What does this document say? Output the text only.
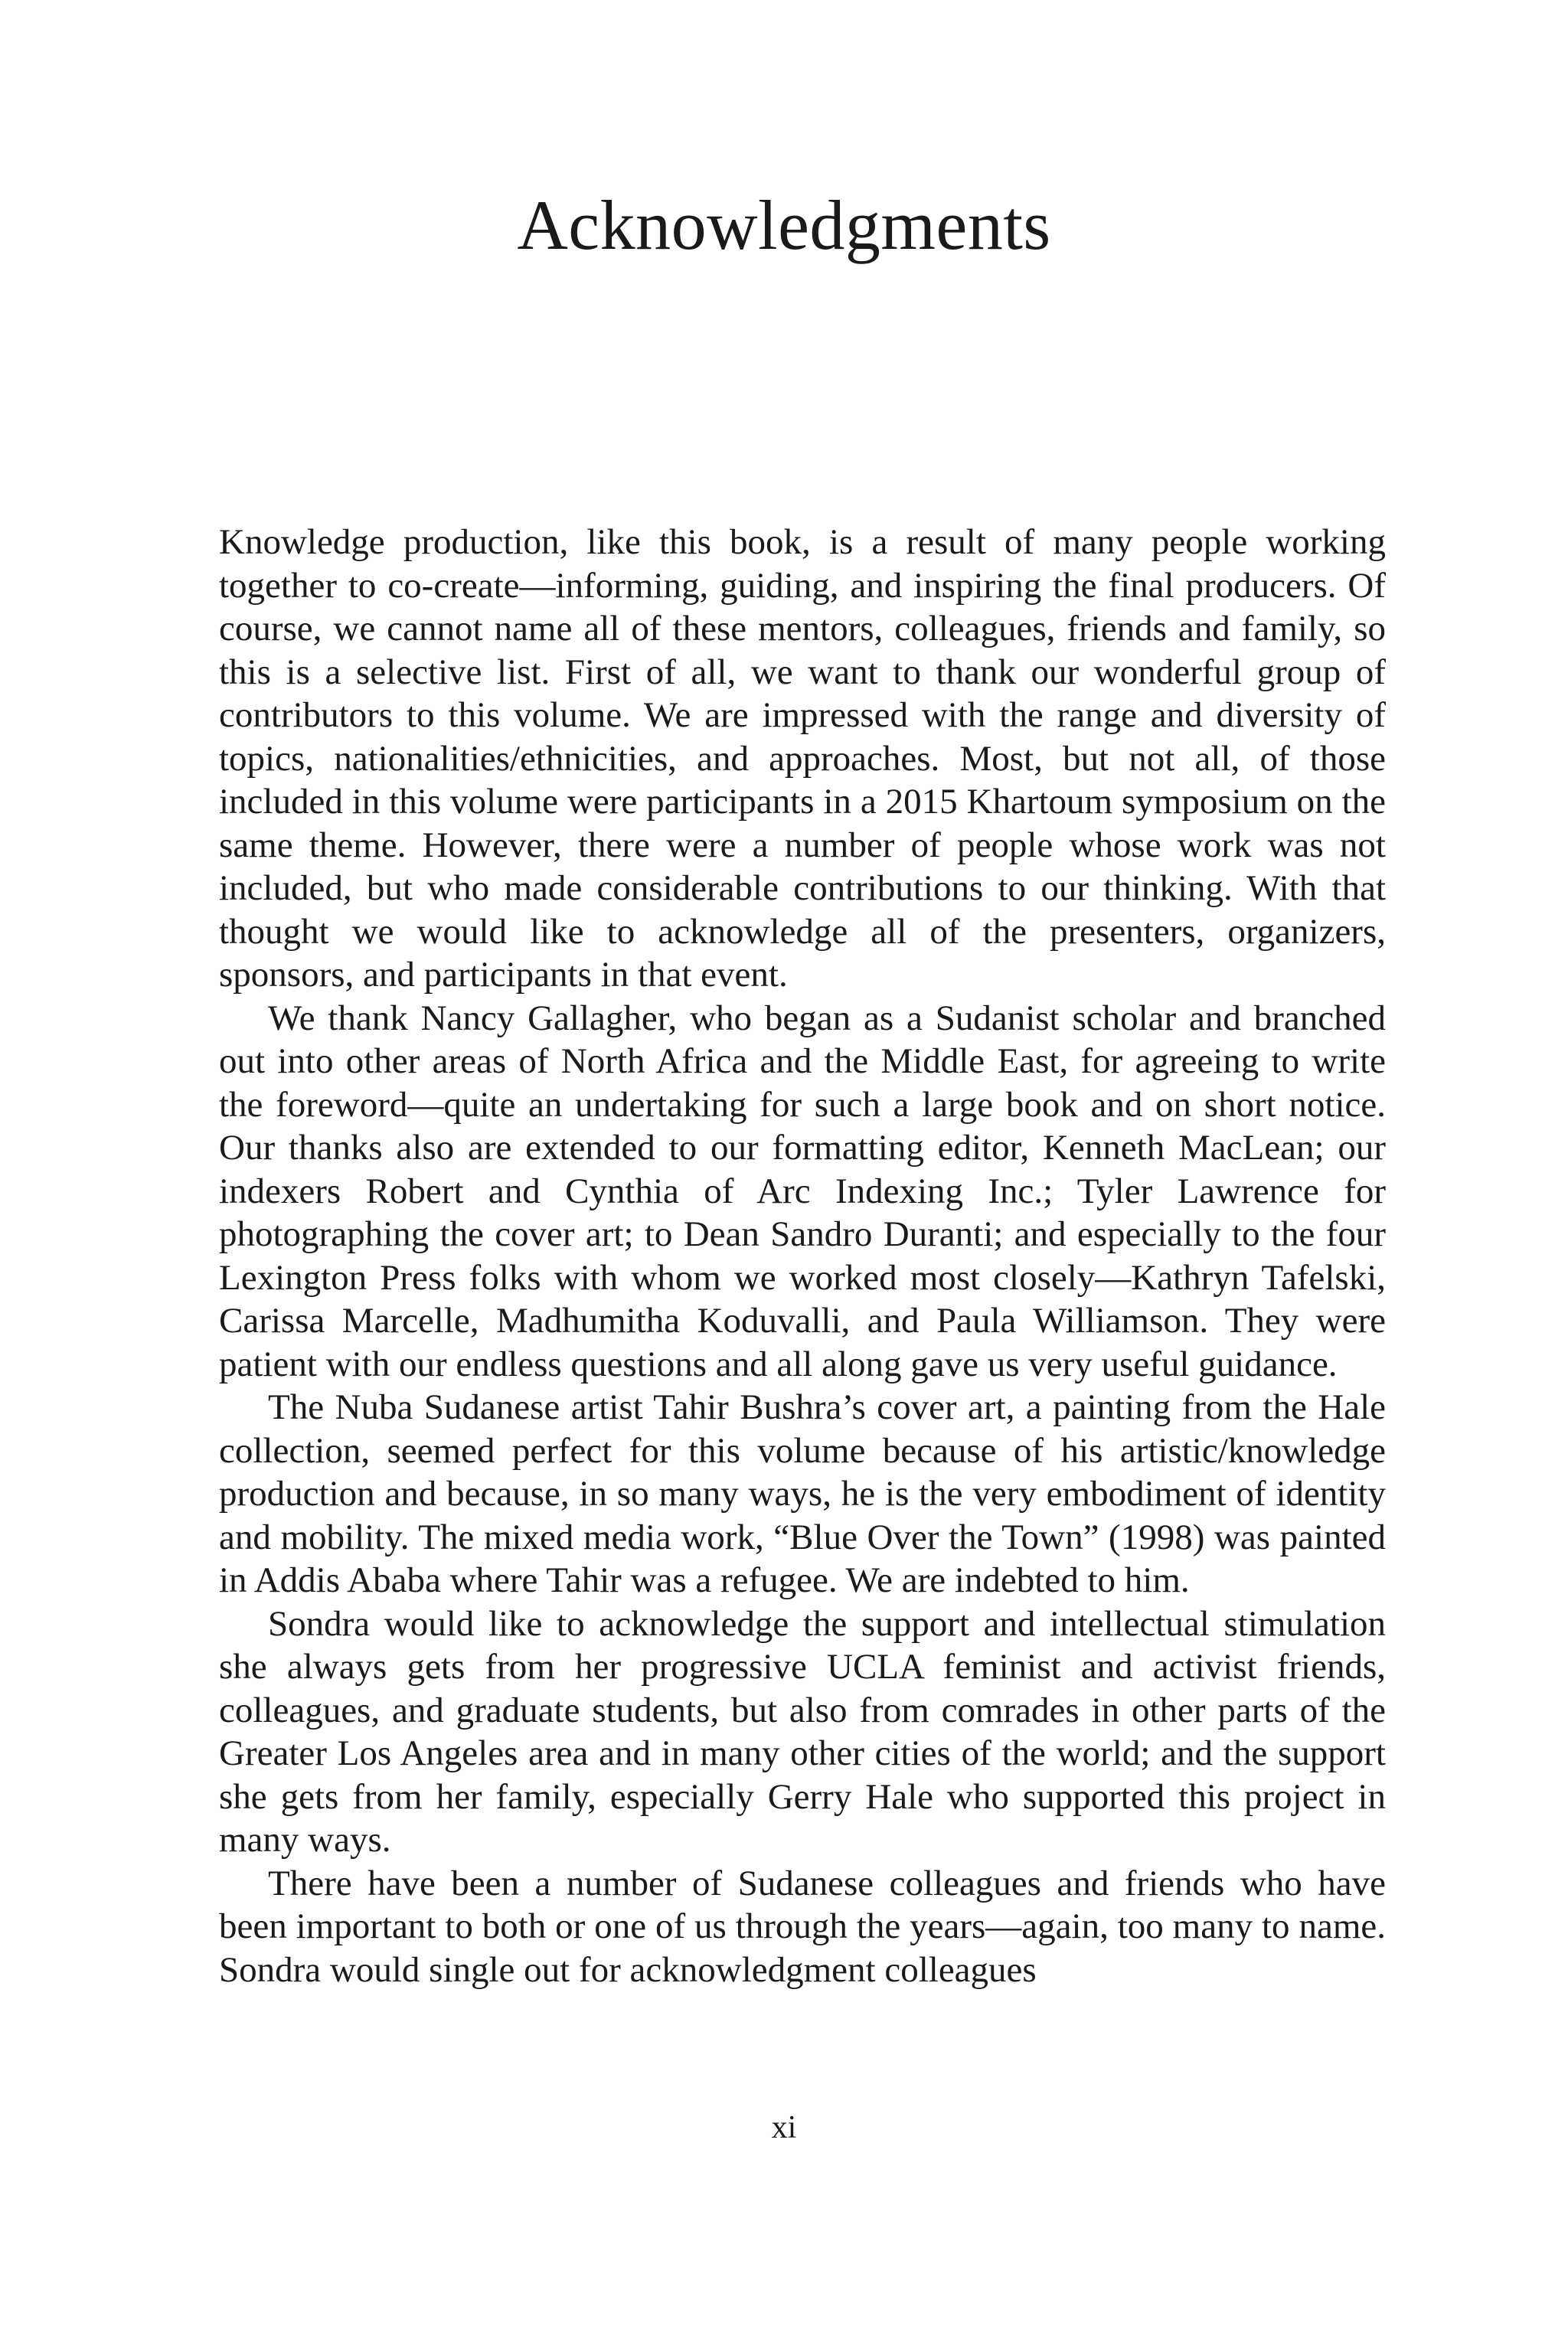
Acknowledgments

Knowledge production, like this book, is a result of many people working together to co-create—informing, guiding, and inspiring the final producers. Of course, we cannot name all of these mentors, colleagues, friends and family, so this is a selective list. First of all, we want to thank our wonderful group of contributors to this volume. We are impressed with the range and diversity of topics, nationalities/ethnicities, and approaches. Most, but not all, of those included in this volume were participants in a 2015 Khartoum symposium on the same theme. However, there were a number of people whose work was not included, but who made considerable contributions to our thinking. With that thought we would like to acknowledge all of the presenters, organizers, sponsors, and participants in that event.

We thank Nancy Gallagher, who began as a Sudanist scholar and branched out into other areas of North Africa and the Middle East, for agreeing to write the foreword—quite an undertaking for such a large book and on short notice. Our thanks also are extended to our formatting editor, Kenneth MacLean; our indexers Robert and Cynthia of Arc Indexing Inc.; Tyler Lawrence for photographing the cover art; to Dean Sandro Duranti; and especially to the four Lexington Press folks with whom we worked most closely—Kathryn Tafelski, Carissa Marcelle, Madhumitha Koduvalli, and Paula Williamson. They were patient with our endless questions and all along gave us very useful guidance.

The Nuba Sudanese artist Tahir Bushra’s cover art, a painting from the Hale collection, seemed perfect for this volume because of his artistic/knowledge production and because, in so many ways, he is the very embodiment of identity and mobility. The mixed media work, “Blue Over the Town” (1998) was painted in Addis Ababa where Tahir was a refugee. We are indebted to him.

Sondra would like to acknowledge the support and intellectual stimulation she always gets from her progressive UCLA feminist and activist friends, colleagues, and graduate students, but also from comrades in other parts of the Greater Los Angeles area and in many other cities of the world; and the support she gets from her family, especially Gerry Hale who supported this project in many ways.

There have been a number of Sudanese colleagues and friends who have been important to both or one of us through the years—again, too many to name. Sondra would single out for acknowledgment colleagues

xi
